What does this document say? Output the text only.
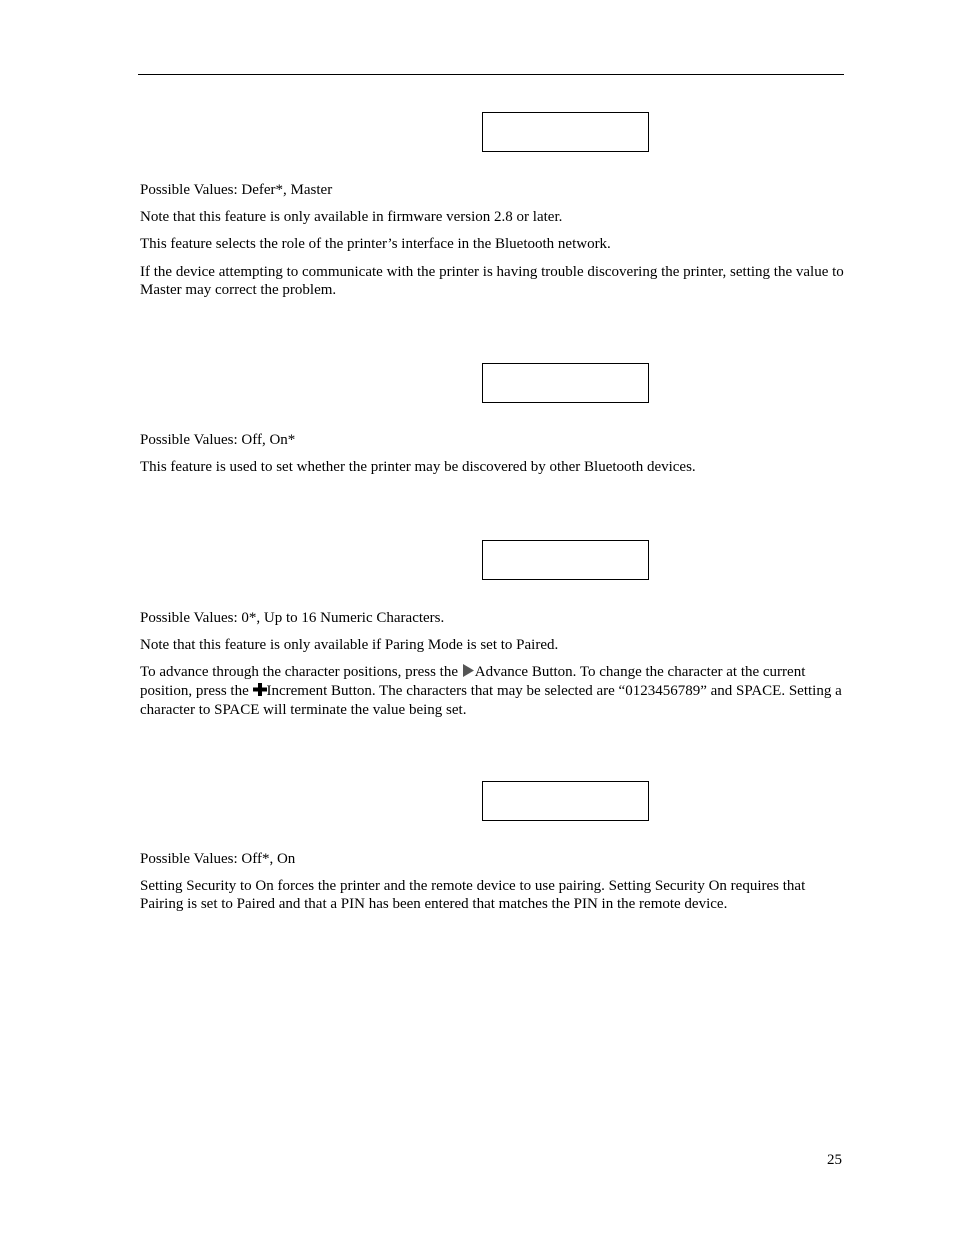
Possible Values: Defer*, Master

Note that this feature is only available in firmware version 2.8 or later.

This feature selects the role of the printer’s interface in the Bluetooth network.

If the device attempting to communicate with the printer is having trouble discovering the printer, setting the value to Master may correct the problem.

Possible Values: Off, On*

This feature is used to set whether the printer may be discovered by other Bluetooth devices.

Possible Values: 0*, Up to 16 Numeric Characters.

Note that this feature is only available if Paring Mode is set to Paired.

To advance through the character positions, press the Advance Button. To change the character at the current position, press the Increment Button. The characters that may be selected are “0123456789” and SPACE. Setting a character to SPACE will terminate the value being set.

Possible Values: Off*, On

Setting Security to On forces the printer and the remote device to use pairing. Setting Security On requires that Pairing is set to Paired and that a PIN has been entered that matches the PIN in the remote device.

25
